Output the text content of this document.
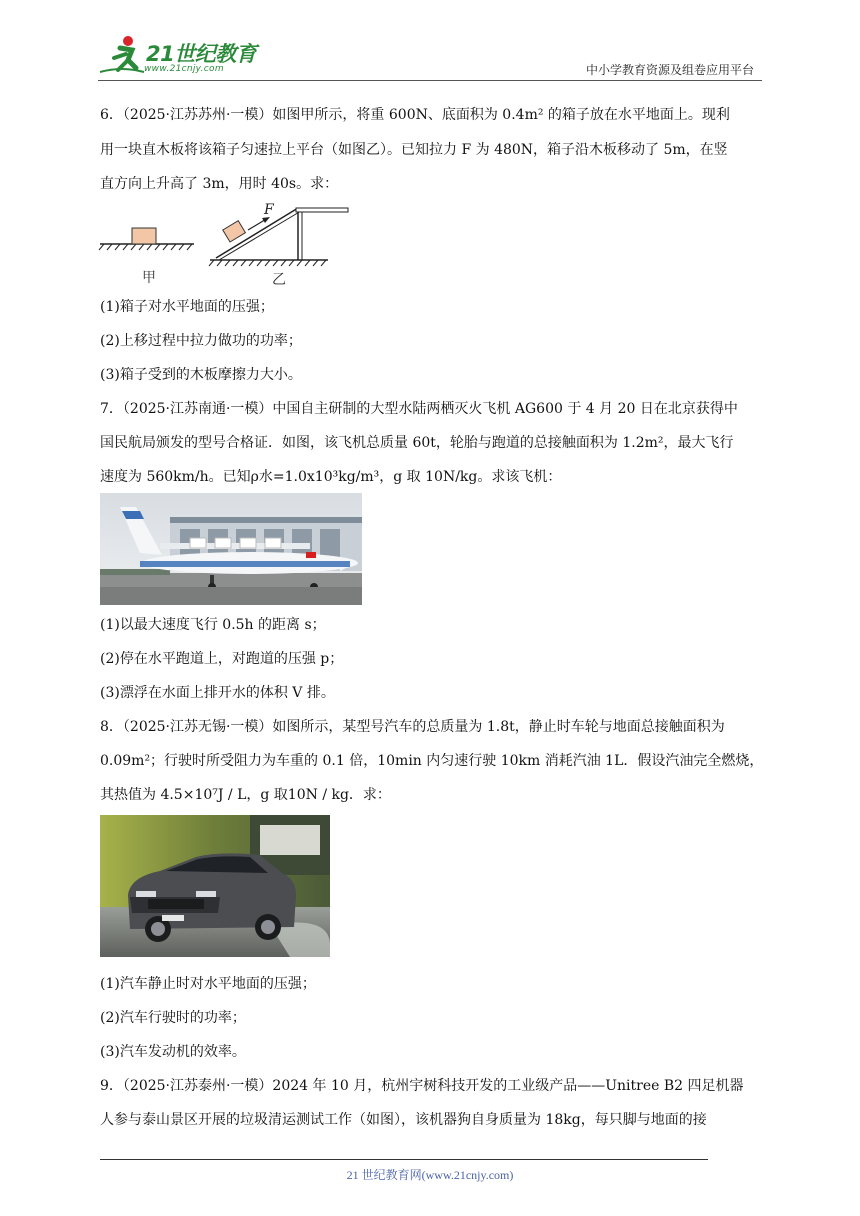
21世纪教育
www.21cnjy.com	中小学教育资源及组卷应用平台
6．（2025·江苏苏州·一模）如图甲所示，将重 600N、底面积为 0.4m² 的箱子放在水平地面上。现利
用一块直木板将该箱子匀速拉上平台（如图乙）。已知拉力 F 为 480N，箱子沿木板移动了 5m，在竖
直方向上升高了 3m，用时 40s。求：
甲	乙
F
(1)箱子对水平地面的压强；
(2)上移过程中拉力做功的功率；
(3)箱子受到的木板摩擦力大小。
7．（2025·江苏南通·一模）中国自主研制的大型水陆两栖灭火飞机 AG600 于 4 月 20 日在北京获得中
国民航局颁发的型号合格证．如图，该飞机总质量 60t，轮胎与跑道的总接触面积为 1.2m²，最大飞行
速度为 560km/h。已知ρ水=1.0x10³kg/m³，g 取 10N/kg。求该飞机：
(1)以最大速度飞行 0.5h 的距离 s；
(2)停在水平跑道上，对跑道的压强 p；
(3)漂浮在水面上排开水的体积 V 排。
8．（2025·江苏无锡·一模）如图所示，某型号汽车的总质量为 1.8t，静止时车轮与地面总接触面积为
0.09m²；行驶时所受阻力为车重的 0.1 倍，10min 内匀速行驶 10km 消耗汽油 1L．假设汽油完全燃烧，
其热值为 4.5×10⁷J / L，g 取10N / kg．求：
(1)汽车静止时对水平地面的压强；
(2)汽车行驶时的功率；
(3)汽车发动机的效率。
9．（2025·江苏泰州·一模）2024 年 10 月，杭州宇树科技开发的工业级产品——Unitree B2 四足机器
人参与泰山景区开展的垃圾清运测试工作（如图），该机器狗自身质量为 18kg，每只脚与地面的接
21 世纪教育网(www.21cnjy.com)
